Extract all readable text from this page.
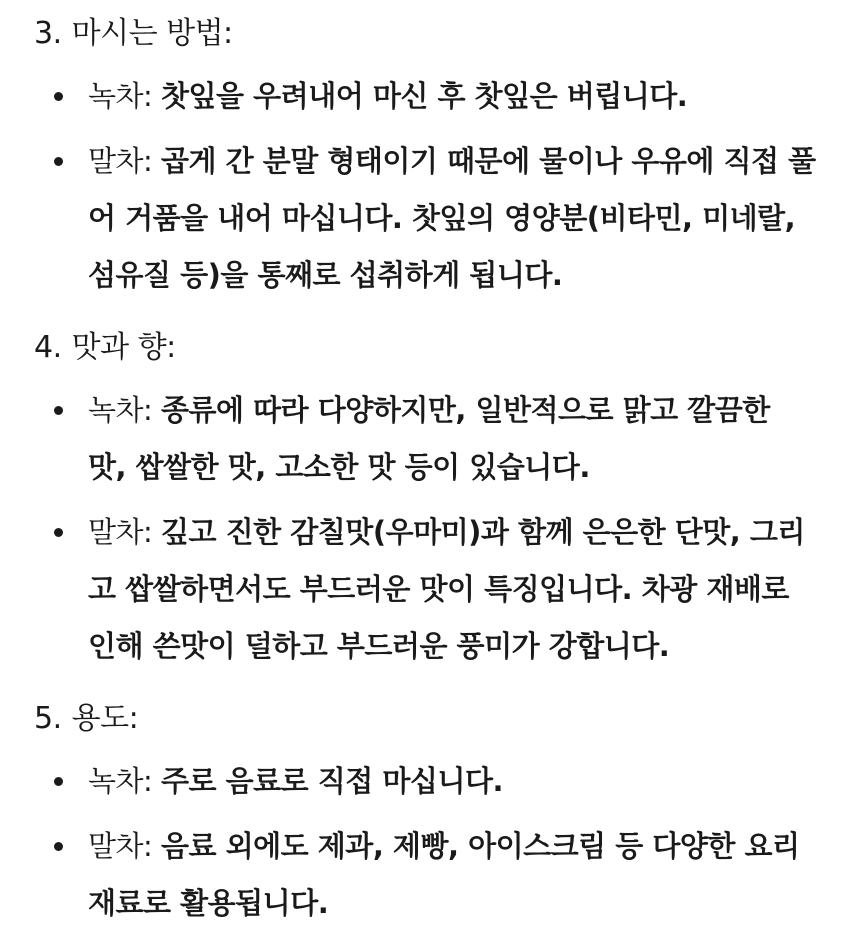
3. 마시는 방법:

녹차: 찻잎을 우려내어 마신 후 찻잎은 버립니다.
말차: 곱게 간 분말 형태이기 때문에 물이나 우유에 직접 풀어 거품을 내어 마십니다. 찻잎의 영양분(비타민, 미네랄, 섬유질 등)을 통째로 섭취하게 됩니다.

4. 맛과 향:

녹차: 종류에 따라 다양하지만, 일반적으로 맑고 깔끔한 맛, 쌉쌀한 맛, 고소한 맛 등이 있습니다.
말차: 깊고 진한 감칠맛(우마미)과 함께 은은한 단맛, 그리고 쌉쌀하면서도 부드러운 맛이 특징입니다. 차광 재배로 인해 쓴맛이 덜하고 부드러운 풍미가 강합니다.

5. 용도:

녹차: 주로 음료로 직접 마십니다.
말차: 음료 외에도 제과, 제빵, 아이스크림 등 다양한 요리 재료로 활용됩니다.
